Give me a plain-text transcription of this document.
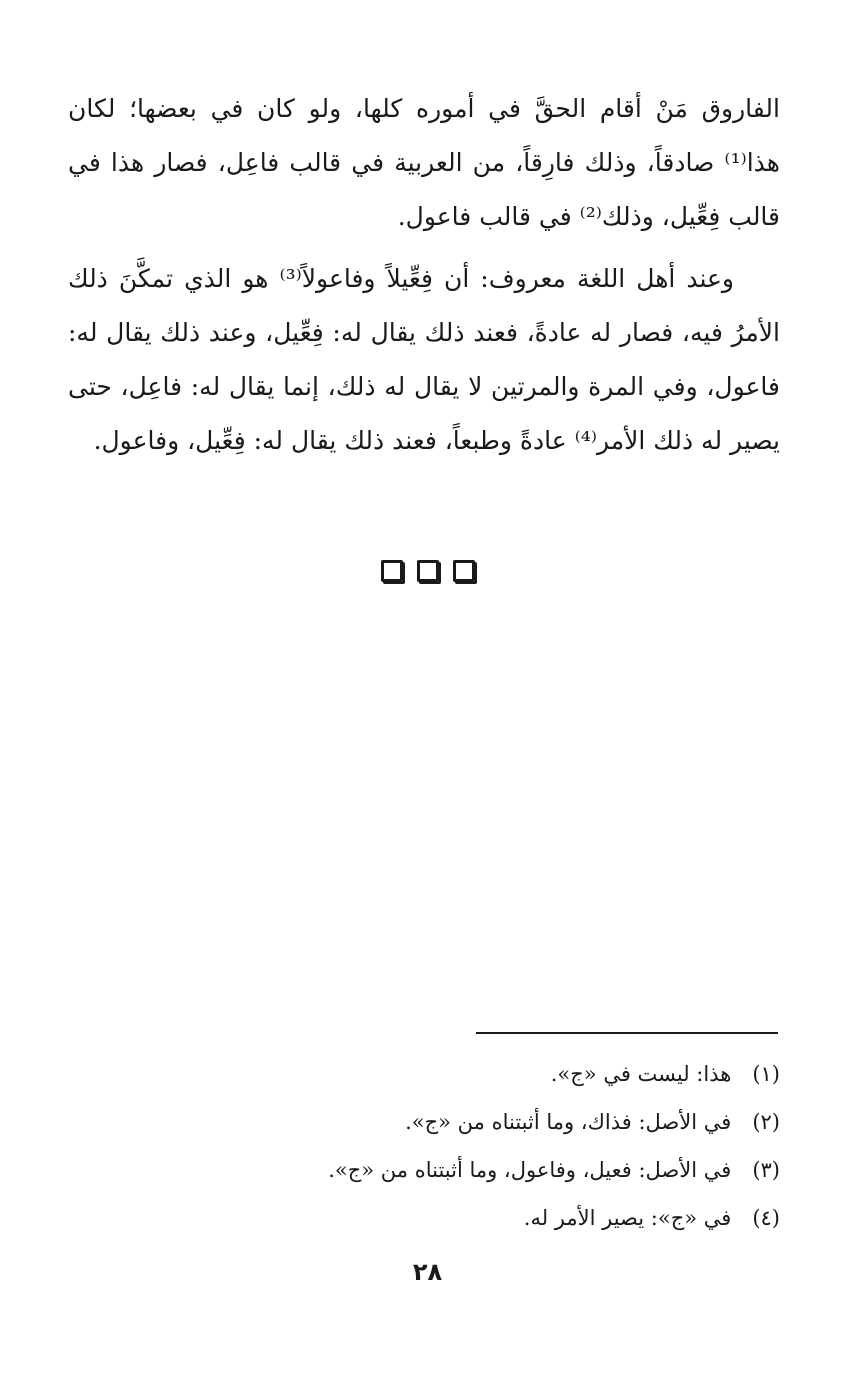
الفاروق مَنْ أقام الحقَّ في أموره كلها، ولو كان في بعضها؛ لكان هذا⁽¹⁾ صادقاً، وذلك فارِقاً، من العربية في قالب فاعِل، فصار هذا في قالب فِعِّيل، وذلك⁽²⁾ في قالب فاعول.

وعند أهل اللغة معروف: أن فِعِّيلاً وفاعولاً⁽³⁾ هو الذي تمكَّنَ ذلك الأمرُ فيه، فصار له عادةً، فعند ذلك يقال له: فِعِّيل، وعند ذلك يقال له: فاعول، وفي المرة والمرتين لا يقال له ذلك، إنما يقال له: فاعِل، حتى يصير له ذلك الأمر⁽⁴⁾ عادةً وطبعاً، فعند ذلك يقال له: فِعِّيل، وفاعول.

(١) هذا: ليست في «ج».
(٢) في الأصل: فذاك، وما أثبتناه من «ج».
(٣) في الأصل: فعيل، وفاعول، وما أثبتناه من «ج».
(٤) في «ج»: يصير الأمر له.
٢٨
